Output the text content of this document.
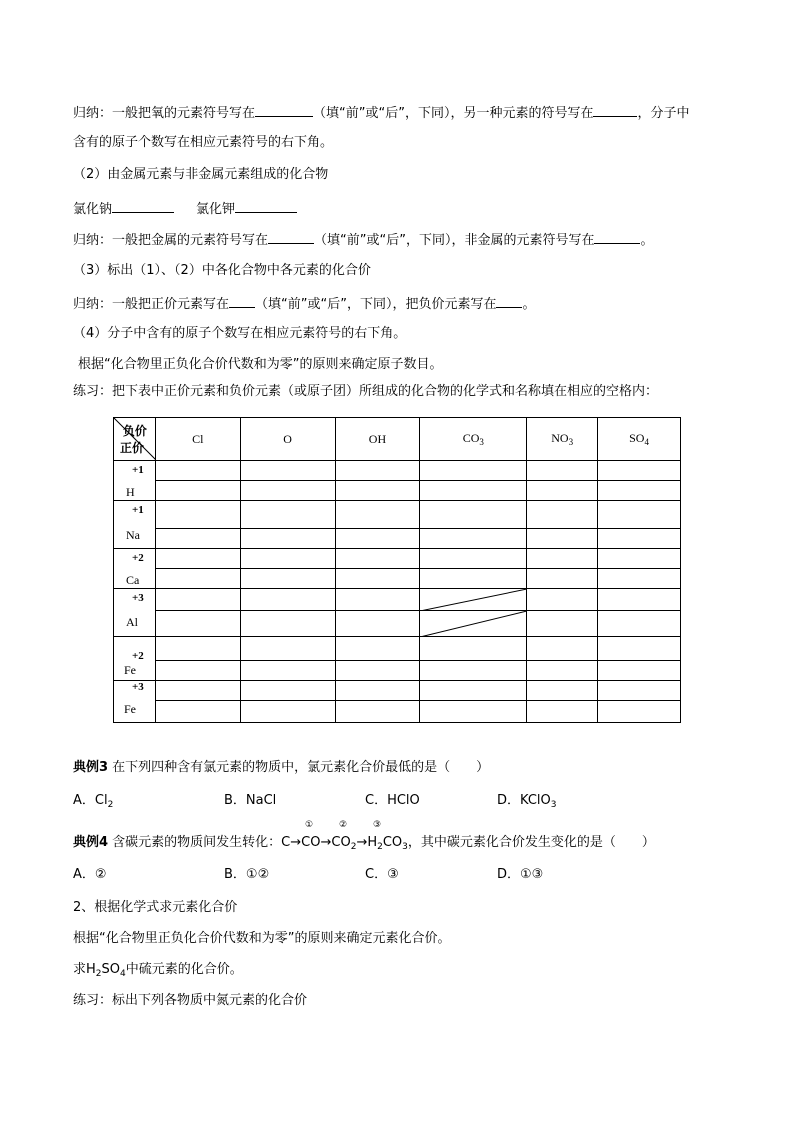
归纳：一般把氧的元素符号写在	（填“前”或“后”，下同），另一种元素的符号写在	，分子中
含有的原子个数写在相应元素符号的右下角。
（2）由金属元素与非金属元素组成的化合物
氯化钠	氯化钾
归纳：一般把金属的元素符号写在	（填“前”或“后”，下同），非金属的元素符号写在	。
（3）标出（1）、（2）中各化合物中各元素的化合价
归纳：一般把正价元素写在 （填“前”或“后”，下同），把负价元素写在 。
（4）分子中含有的原子个数写在相应元素符号的右下角。
根据“化合物里正负化合价代数和为零”的原则来确定原子数目。
练习：把下表中正价元素和负价元素（或原子团）所组成的化合物的化学式和名称填在相应的空格内：
负价
正价	Cl	O	OH	$CO_3$	$NO_3$	$SO_4$

+1
H						

+1
Na						

+2
Ca						

+3
Al

+2
Fe						

+3
Fe						

典例3 在下列四种含有氯元素的物质中，氯元素化合价最低的是（　　）
A．$Cl_2$	B．NaCl	C．HClO	D．KClO$_3$
①	②	③
典例4 含碳元素的物质间发生转化：$C\to CO\to CO_2\to H_2CO_3$，其中碳元素化合价发生变化的是（　　）
A．②	B．①②	C．③	D．①③
2、根据化学式求元素化合价
根据“化合物里正负化合价代数和为零”的原则来确定元素化合价。
求$H_2SO_4$中硫元素的化合价。
练习：标出下列各物质中氮元素的化合价
